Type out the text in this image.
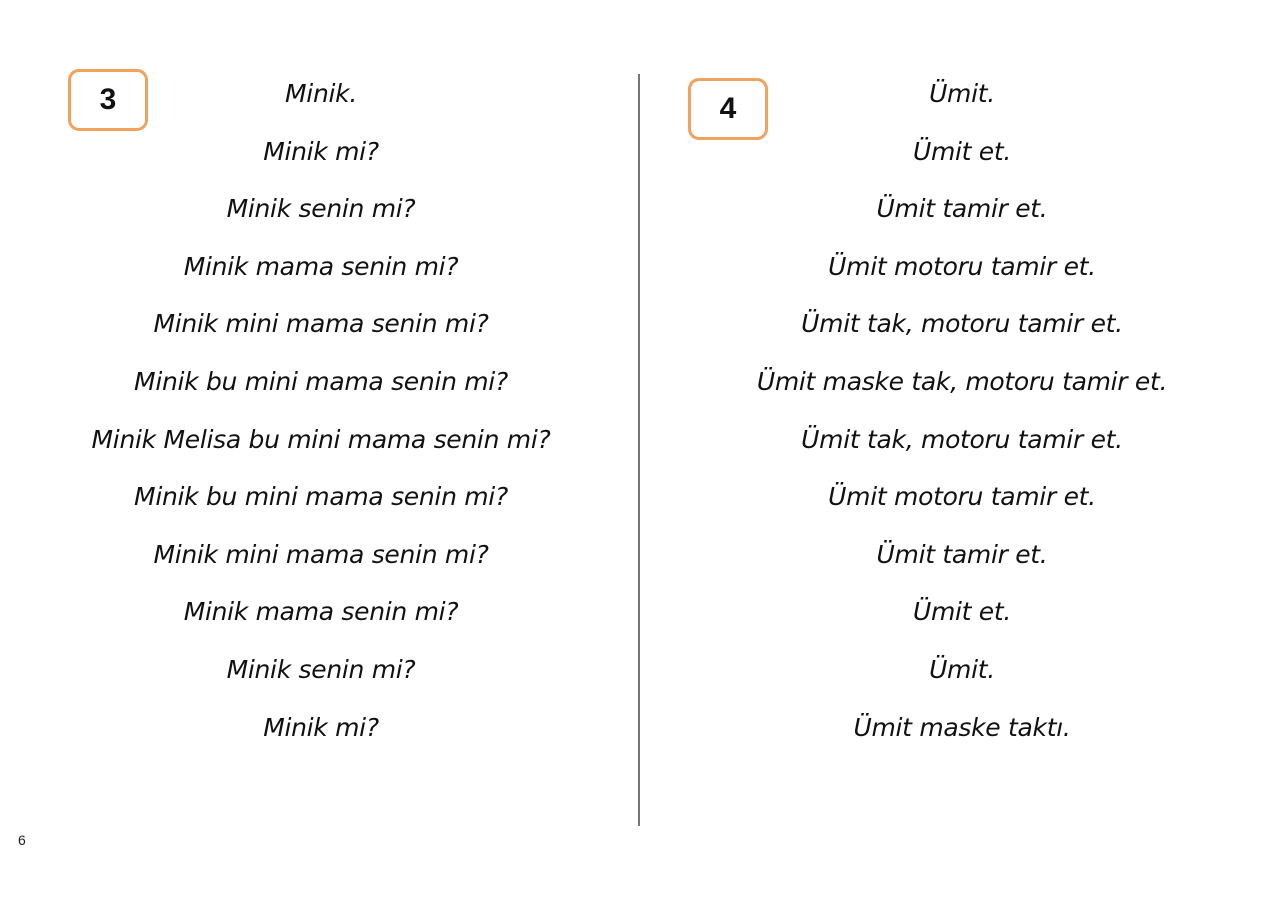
3	Minik.
Minik mi?
Minik senin mi?
Minik mama senin mi?
Minik mini mama senin mi?
Minik bu mini mama senin mi?
Minik Melisa bu mini mama senin mi?
Minik bu mini mama senin mi?
Minik mini mama senin mi?
Minik mama senin mi?
Minik senin mi?
Minik mi?
4	Ümit.
Ümit et.
Ümit tamir et.
Ümit motoru tamir et.
Ümit tak, motoru tamir et.
Ümit maske tak, motoru tamir et.
Ümit tak, motoru tamir et.
Ümit motoru tamir et.
Ümit tamir et.
Ümit et.
Ümit.
Ümit maske taktı.
6
